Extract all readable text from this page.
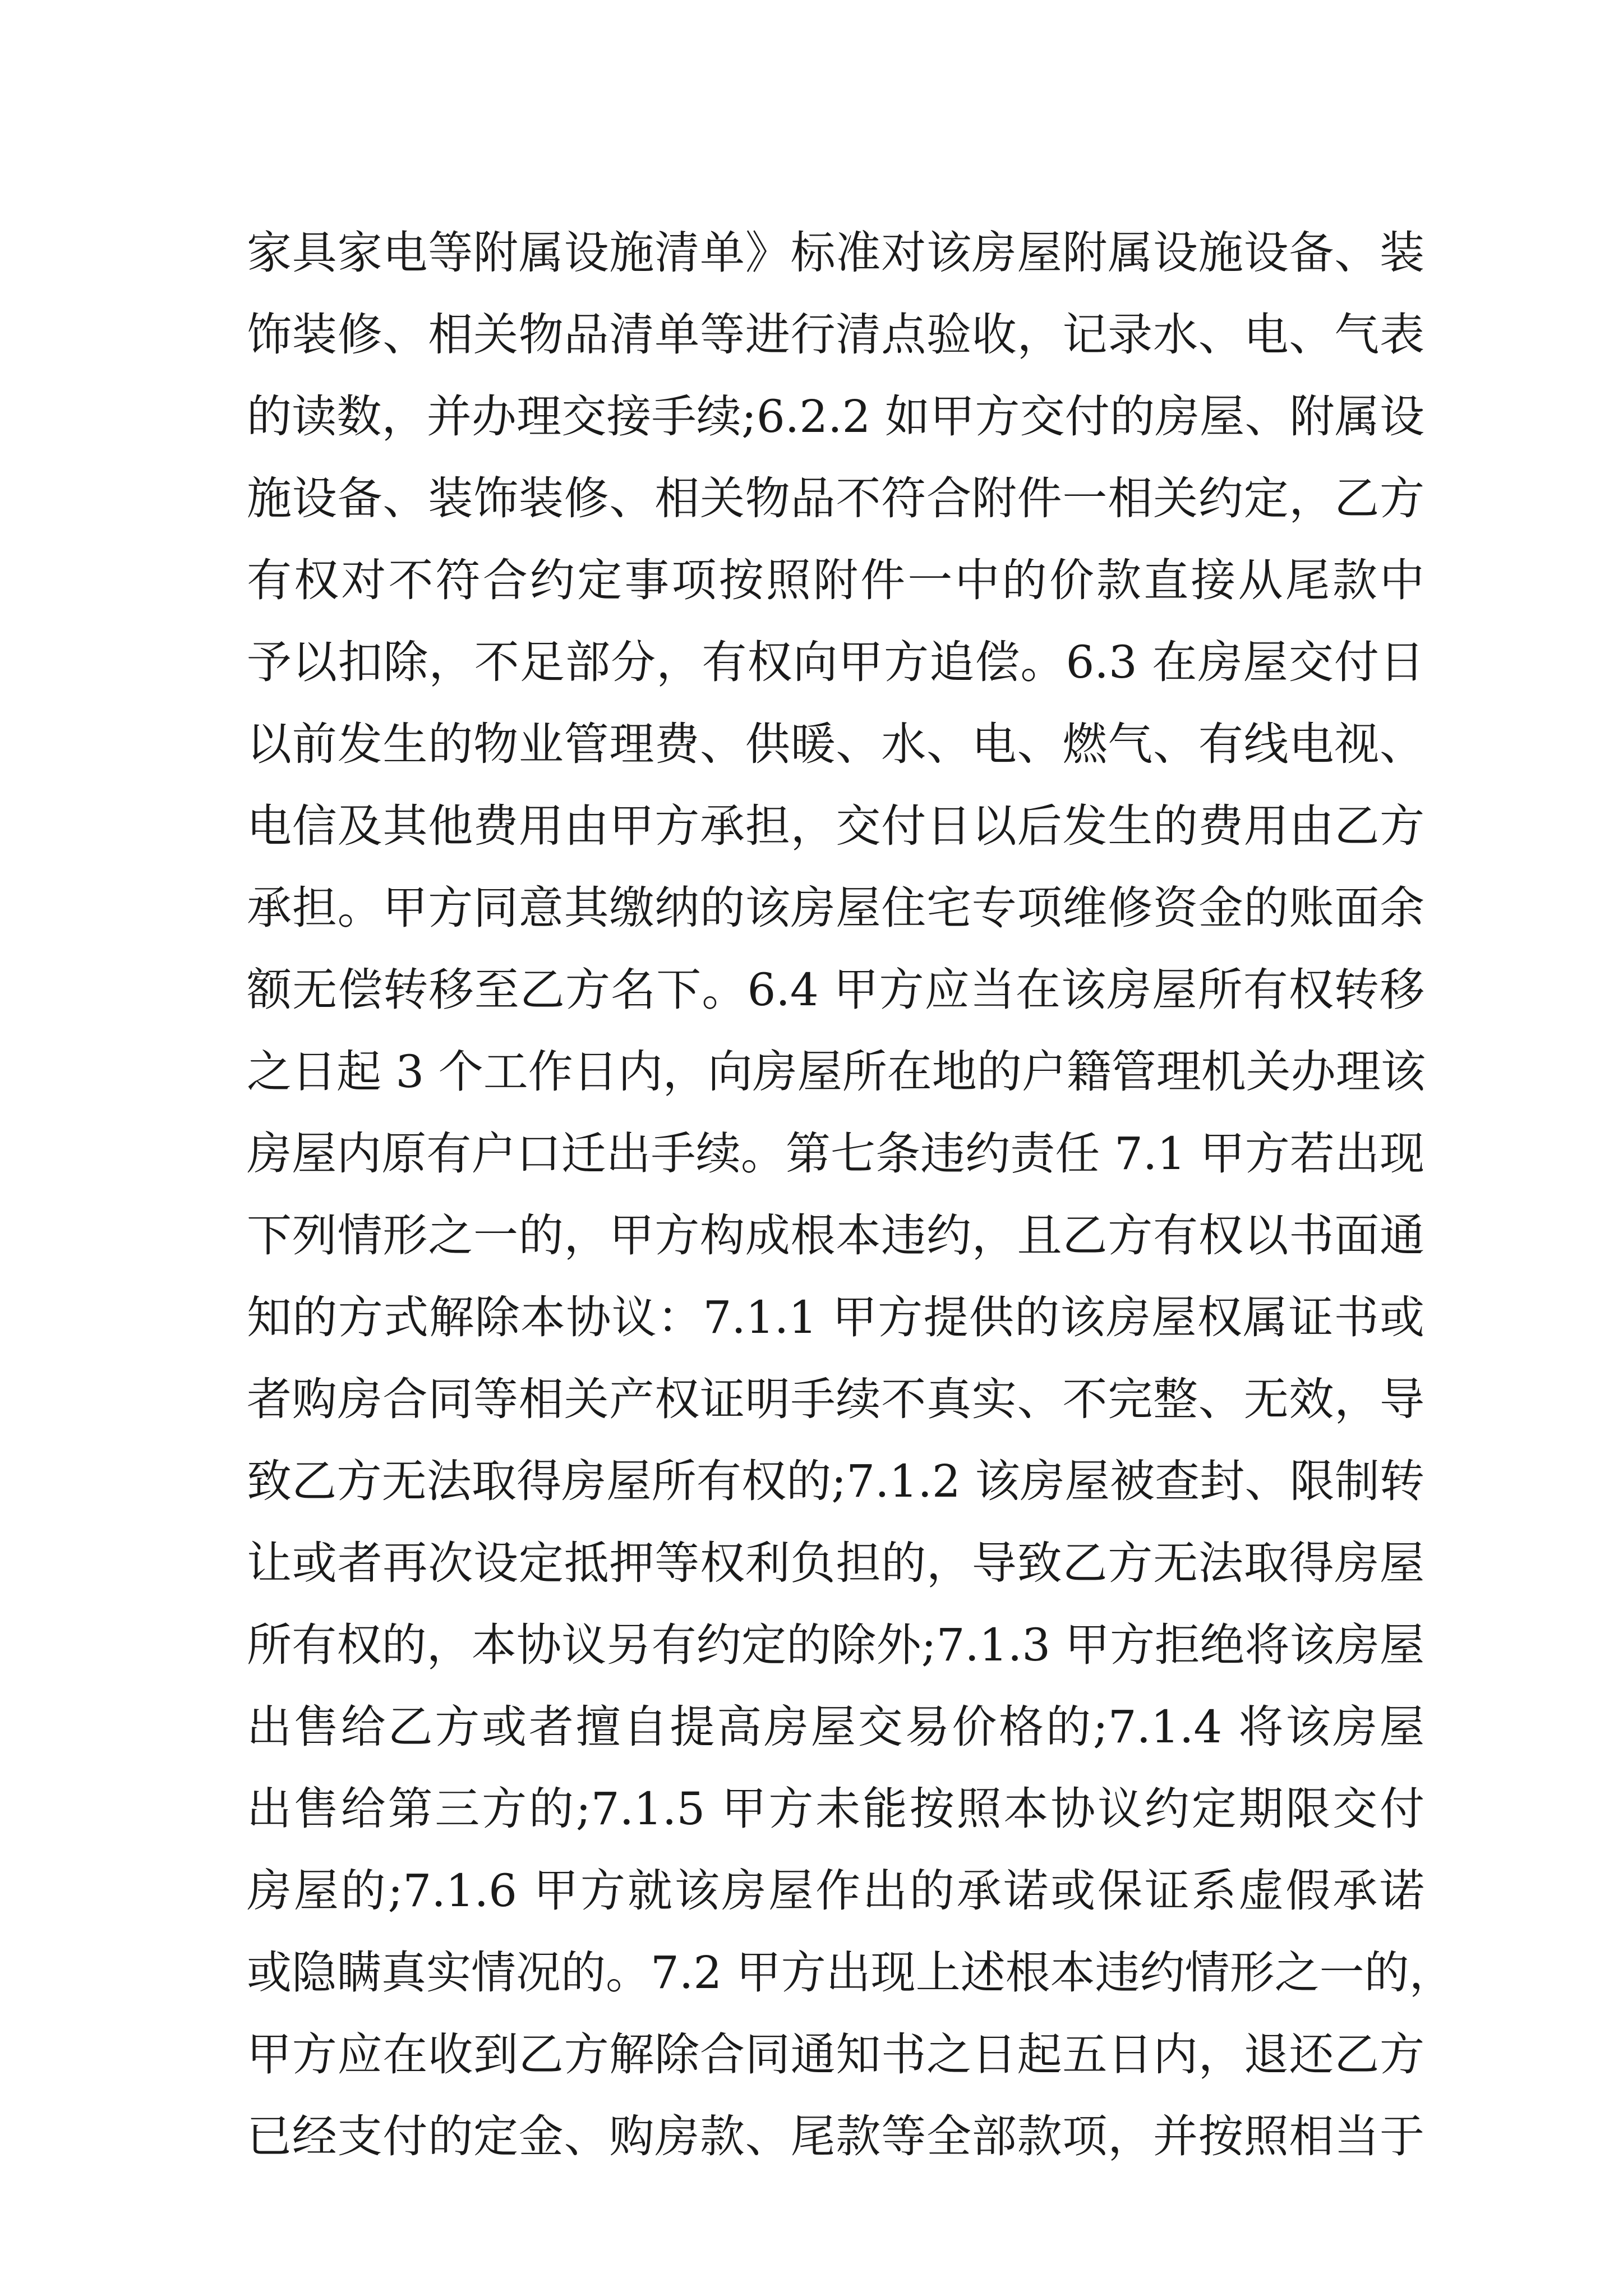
家具家电等附属设施清单》标准对该房屋附属设施设备、装
饰装修、相关物品清单等进行清点验收，记录水、电、气表
的读数，并办理交接手续;6.2.2 如甲方交付的房屋、附属设
施设备、装饰装修、相关物品不符合附件一相关约定，乙方
有权对不符合约定事项按照附件一中的价款直接从尾款中
予以扣除，不足部分，有权向甲方追偿。6.3 在房屋交付日
以前发生的物业管理费、供暖、水、电、燃气、有线电视、
电信及其他费用由甲方承担，交付日以后发生的费用由乙方
承担。甲方同意其缴纳的该房屋住宅专项维修资金的账面余
额无偿转移至乙方名下。6.4 甲方应当在该房屋所有权转移
之日起 3 个工作日内，向房屋所在地的户籍管理机关办理该
房屋内原有户口迁出手续。第七条违约责任 7.1 甲方若出现
下列情形之一的，甲方构成根本违约，且乙方有权以书面通
知的方式解除本协议：7.1.1 甲方提供的该房屋权属证书或
者购房合同等相关产权证明手续不真实、不完整、无效，导
致乙方无法取得房屋所有权的;7.1.2 该房屋被查封、限制转
让或者再次设定抵押等权利负担的，导致乙方无法取得房屋
所有权的，本协议另有约定的除外;7.1.3 甲方拒绝将该房屋
出售给乙方或者擅自提高房屋交易价格的;7.1.4 将该房屋
出售给第三方的;7.1.5 甲方未能按照本协议约定期限交付
房屋的;7.1.6 甲方就该房屋作出的承诺或保证系虚假承诺
或隐瞒真实情况的。7.2 甲方出现上述根本违约情形之一的，
甲方应在收到乙方解除合同通知书之日起五日内，退还乙方
已经支付的定金、购房款、尾款等全部款项，并按照相当于
